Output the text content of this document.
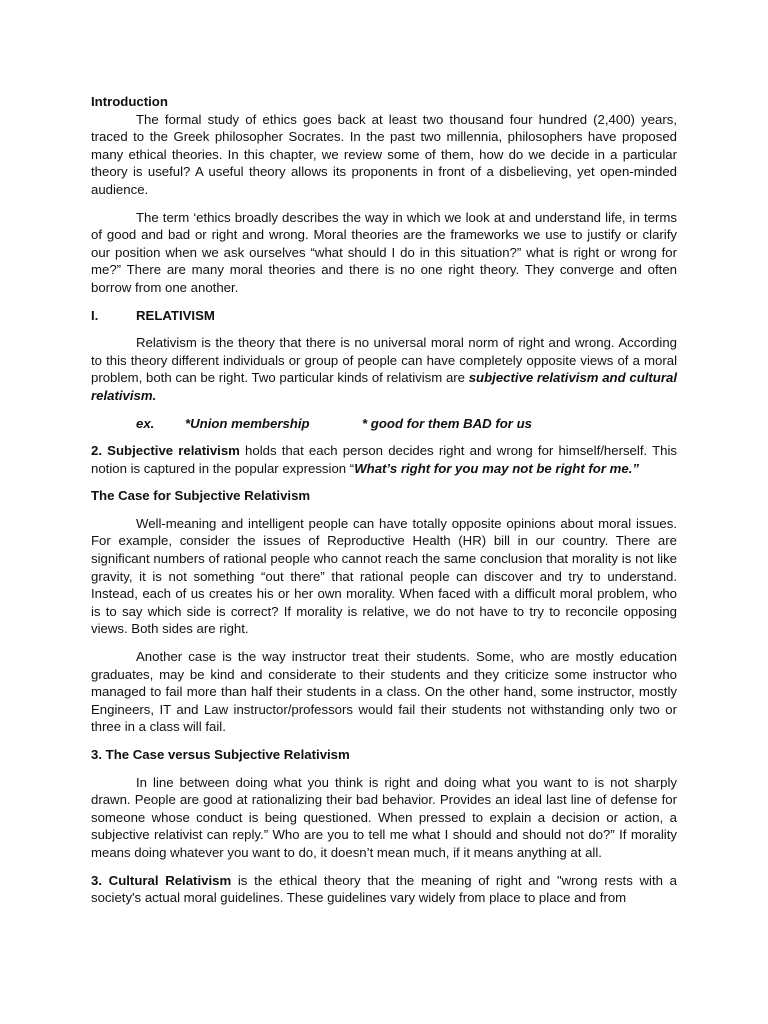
Introduction

The formal study of ethics goes back at least two thousand four hundred (2,400) years, traced to the Greek philosopher Socrates. In the past two millennia, philosophers have proposed many ethical theories. In this chapter, we review some of them, how do we decide in a particular theory is useful? A useful theory allows its proponents in front of a disbelieving, yet open-minded audience.

The term ‘ethics broadly describes the way in which we look at and understand life, in terms of good and bad or right and wrong. Moral theories are the frameworks we use to justify or clarify our position when we ask ourselves “what should I do in this situation?” what is right or wrong for me?” There are many moral theories and there is no one right theory. They converge and often borrow from one another.

I.	RELATIVISM

Relativism is the theory that there is no universal moral norm of right and wrong. According to this theory different individuals or group of people can have completely opposite views of a moral problem, both can be right. Two particular kinds of relativism are subjective relativism and cultural relativism.

ex.	*Union membership	* good for them BAD for us

2. Subjective relativism holds that each person decides right and wrong for himself/herself. This notion is captured in the popular expression “What’s right for you may not be right for me.”

The Case for Subjective Relativism

Well-meaning and intelligent people can have totally opposite opinions about moral issues. For example, consider the issues of Reproductive Health (HR) bill in our country. There are significant numbers of rational people who cannot reach the same conclusion that morality is not like gravity, it is not something “out there” that rational people can discover and try to understand. Instead, each of us creates his or her own morality. When faced with a difficult moral problem, who is to say which side is correct? If morality is relative, we do not have to try to reconcile opposing views. Both sides are right.

Another case is the way instructor treat their students. Some, who are mostly education graduates, may be kind and considerate to their students and they criticize some instructor who managed to fail more than half their students in a class. On the other hand, some instructor, mostly Engineers, IT and Law instructor/professors would fail their students not withstanding only two or three in a class will fail.

3. The Case versus Subjective Relativism

In line between doing what you think is right and doing what you want to is not sharply drawn. People are good at rationalizing their bad behavior. Provides an ideal last line of defense for someone whose conduct is being questioned. When pressed to explain a decision or action, a subjective relativist can reply.” Who are you to tell me what I should and should not do?” If morality means doing whatever you want to do, it doesn’t mean much, if it means anything at all.

3. Cultural Relativism is the ethical theory that the meaning of right and "wrong rests with a society's actual moral guidelines. These guidelines vary widely from place to place and from
